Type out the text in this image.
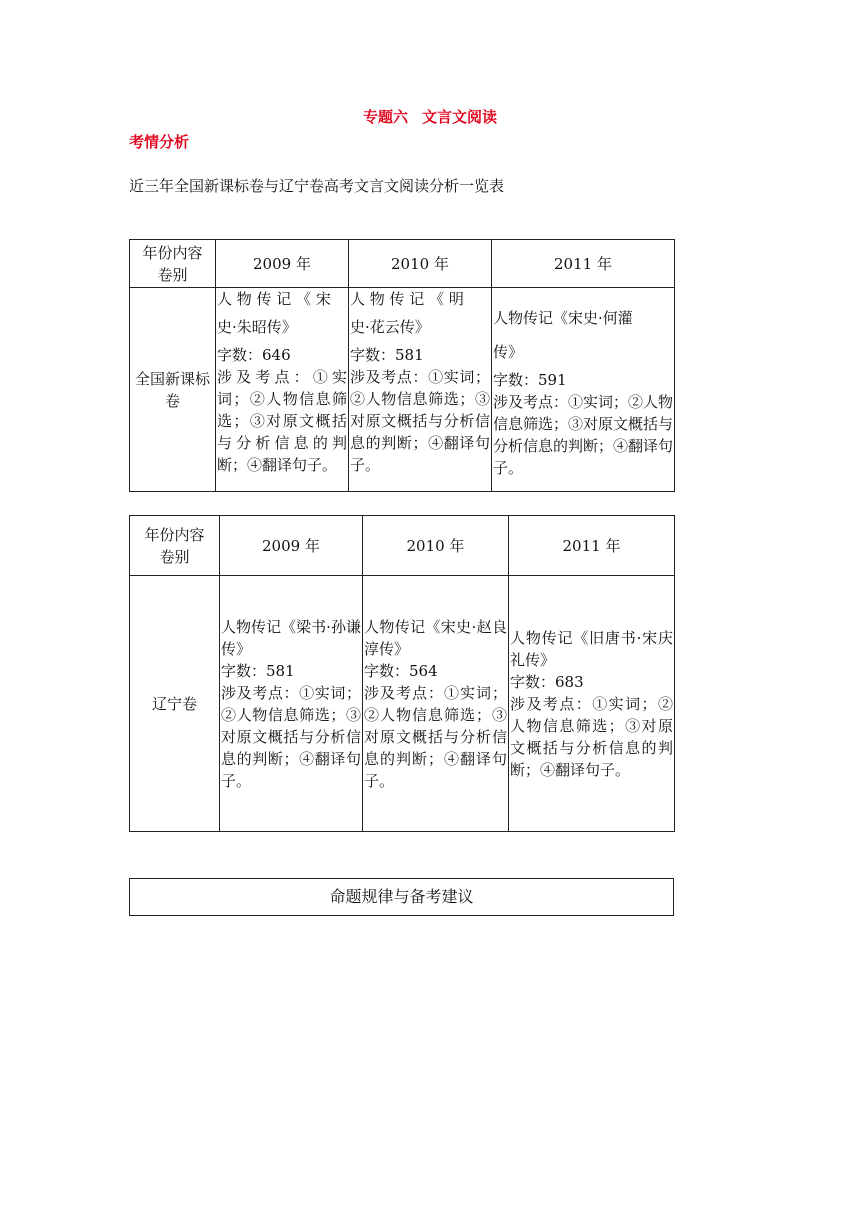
专题六 文言文阅读
考情分析

近三年全国新课标卷与辽宁卷高考文言文阅读分析一览表

年份内容
卷别	2009 年	2010 年	2011 年
全国新课标卷	人 物 传 记 《 宋
史·朱昭传》
字数：646
涉及考点：①实词；②人物信息筛选；③对原文概括与分析信息的判断；④翻译句子。	人 物 传 记 《 明
史·花云传》
字数：581
涉及考点：①实词；②人物信息筛选；③对原文概括与分析信息的判断；④翻译句子。	人物传记《宋史·何灌
传》
字数：591
涉及考点：①实词；②人物信息筛选；③对原文概括与分析信息的判断；④翻译句子。
年份内容
卷别	2009 年	2010 年	2011 年
辽宁卷	人物传记《梁书·孙谦传》
字数：581
涉及考点：①实词；②人物信息筛选；③对原文概括与分析信息的判断；④翻译句子。	人物传记《宋史·赵良淳传》
字数：564
涉及考点：①实词；②人物信息筛选；③对原文概括与分析信息的判断；④翻译句子。	人物传记《旧唐书·宋庆礼传》
字数：683
涉及考点：①实词；②人物信息筛选；③对原文概括与分析信息的判断；④翻译句子。
命题规律与备考建议
